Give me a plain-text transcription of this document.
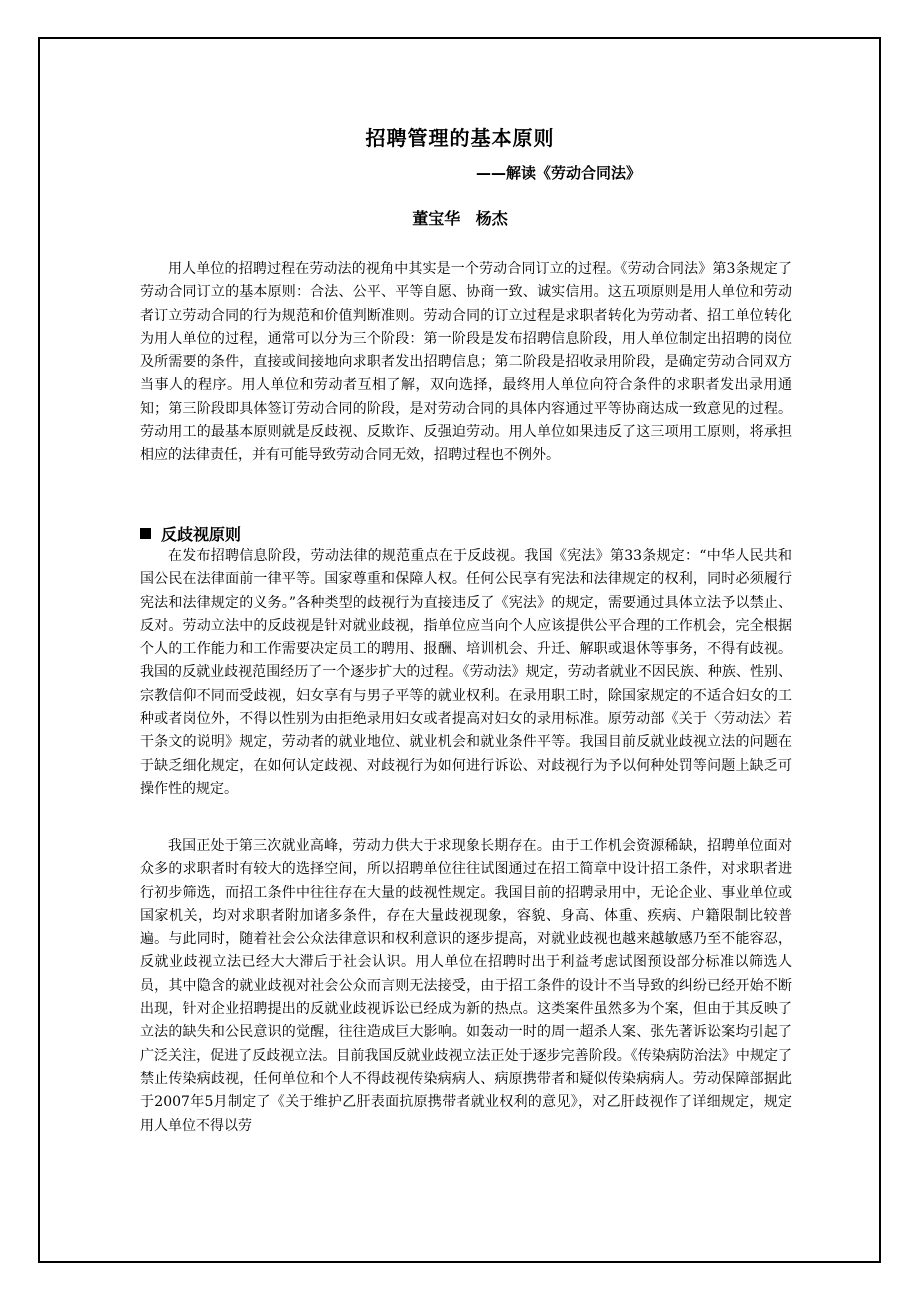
招聘管理的基本原则
——解读《劳动合同法》
董宝华 杨杰

用人单位的招聘过程在劳动法的视角中其实是一个劳动合同订立的过程。《劳动合同法》第3条规定了劳动合同订立的基本原则：合法、公平、平等自愿、协商一致、诚实信用。这五项原则是用人单位和劳动者订立劳动合同的行为规范和价值判断准则。劳动合同的订立过程是求职者转化为劳动者、招工单位转化为用人单位的过程，通常可以分为三个阶段：第一阶段是发布招聘信息阶段，用人单位制定出招聘的岗位及所需要的条件，直接或间接地向求职者发出招聘信息；第二阶段是招收录用阶段，是确定劳动合同双方当事人的程序。用人单位和劳动者互相了解，双向选择，最终用人单位向符合条件的求职者发出录用通知；第三阶段即具体签订劳动合同的阶段，是对劳动合同的具体内容通过平等协商达成一致意见的过程。劳动用工的最基本原则就是反歧视、反欺诈、反强迫劳动。用人单位如果违反了这三项用工原则，将承担相应的法律责任，并有可能导致劳动合同无效，招聘过程也不例外。

反歧视原则

在发布招聘信息阶段，劳动法律的规范重点在于反歧视。我国《宪法》第33条规定：“中华人民共和国公民在法律面前一律平等。国家尊重和保障人权。任何公民享有宪法和法律规定的权利，同时必须履行宪法和法律规定的义务。”各种类型的歧视行为直接违反了《宪法》的规定，需要通过具体立法予以禁止、反对。劳动立法中的反歧视是针对就业歧视，指单位应当向个人应该提供公平合理的工作机会，完全根据个人的工作能力和工作需要决定员工的聘用、报酬、培训机会、升迁、解职或退休等事务，不得有歧视。我国的反就业歧视范围经历了一个逐步扩大的过程。《劳动法》规定，劳动者就业不因民族、种族、性别、宗教信仰不同而受歧视，妇女享有与男子平等的就业权利。在录用职工时，除国家规定的不适合妇女的工种或者岗位外，不得以性别为由拒绝录用妇女或者提高对妇女的录用标准。原劳动部《关于〈劳动法〉若干条文的说明》规定，劳动者的就业地位、就业机会和就业条件平等。我国目前反就业歧视立法的问题在于缺乏细化规定，在如何认定歧视、对歧视行为如何进行诉讼、对歧视行为予以何种处罚等问题上缺乏可操作性的规定。

我国正处于第三次就业高峰，劳动力供大于求现象长期存在。由于工作机会资源稀缺，招聘单位面对众多的求职者时有较大的选择空间，所以招聘单位往往试图通过在招工简章中设计招工条件，对求职者进行初步筛选，而招工条件中往往存在大量的歧视性规定。我国目前的招聘录用中，无论企业、事业单位或国家机关，均对求职者附加诸多条件，存在大量歧视现象，容貌、身高、体重、疾病、户籍限制比较普遍。与此同时，随着社会公众法律意识和权利意识的逐步提高，对就业歧视也越来越敏感乃至不能容忍，反就业歧视立法已经大大滞后于社会认识。用人单位在招聘时出于利益考虑试图预设部分标准以筛选人员，其中隐含的就业歧视对社会公众而言则无法接受，由于招工条件的设计不当导致的纠纷已经开始不断出现，针对企业招聘提出的反就业歧视诉讼已经成为新的热点。这类案件虽然多为个案，但由于其反映了立法的缺失和公民意识的觉醒，往往造成巨大影响。如轰动一时的周一超杀人案、张先著诉讼案均引起了广泛关注，促进了反歧视立法。目前我国反就业歧视立法正处于逐步完善阶段。《传染病防治法》中规定了禁止传染病歧视，任何单位和个人不得歧视传染病病人、病原携带者和疑似传染病病人。劳动保障部据此于2007年5月制定了《关于维护乙肝表面抗原携带者就业权利的意见》，对乙肝歧视作了详细规定，规定用人单位不得以劳
